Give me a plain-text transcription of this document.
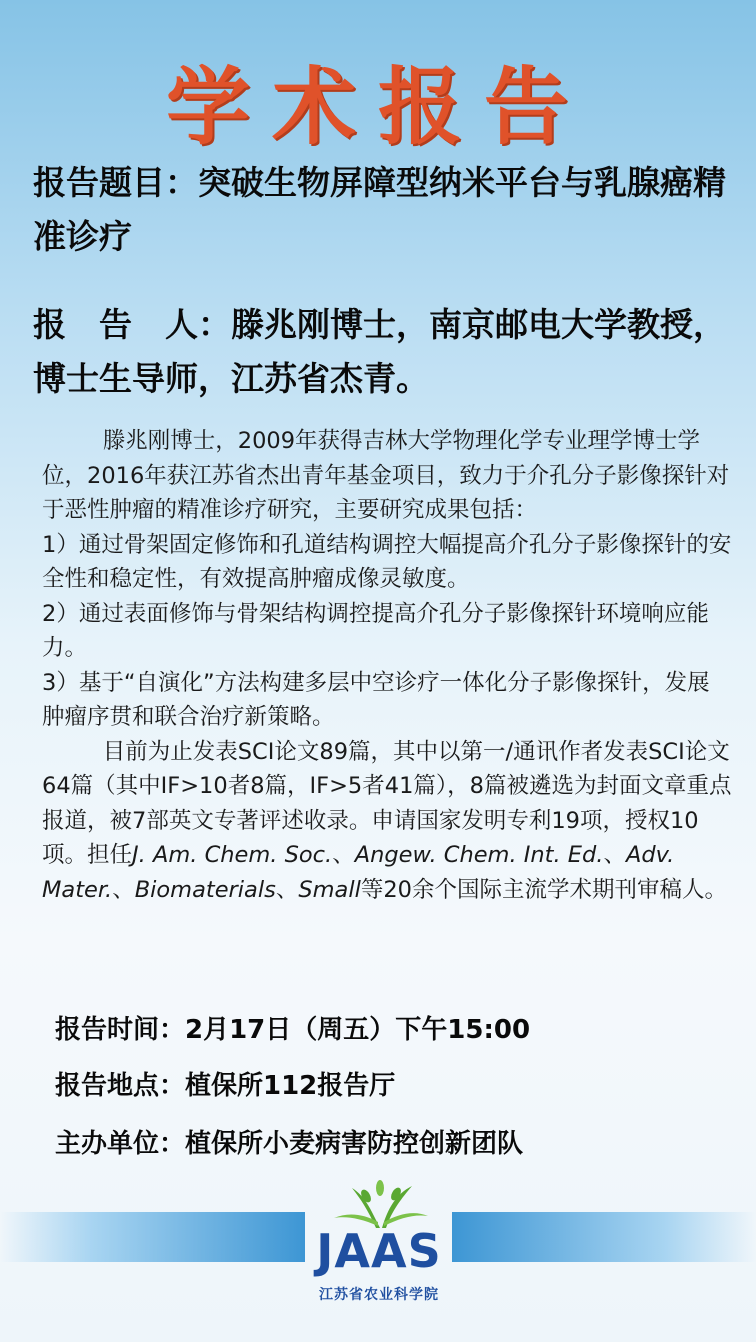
学术报告
报告题目：突破生物屏障型纳米平台与乳腺癌精准诊疗
报　告　人：滕兆刚博士，南京邮电大学教授，博士生导师，江苏省杰青。

滕兆刚博士，2009年获得吉林大学物理化学专业理学博士学位，2016年获江苏省杰出青年基金项目，致力于介孔分子影像探针对于恶性肿瘤的精准诊疗研究，主要研究成果包括：

1）通过骨架固定修饰和孔道结构调控大幅提高介孔分子影像探针的安全性和稳定性，有效提高肿瘤成像灵敏度。

2）通过表面修饰与骨架结构调控提高介孔分子影像探针环境响应能力。

3）基于“自演化”方法构建多层中空诊疗一体化分子影像探针，发展肿瘤序贯和联合治疗新策略。

目前为止发表SCI论文89篇，其中以第一/通讯作者发表SCI论文64篇（其中IF>10者8篇，IF>5者41篇），8篇被遴选为封面文章重点报道，被7部英文专著评述收录。申请国家发明专利19项，授权10项。担任J. Am. Chem. Soc.、Angew. Chem. Int. Ed.、Adv. Mater.、Biomaterials、Small等20余个国际主流学术期刊审稿人。

报告时间：2月17日（周五）下午15:00
报告地点：植保所112报告厅
主办单位：植保所小麦病害防控创新团队
JAAS
江苏省农业科学院
